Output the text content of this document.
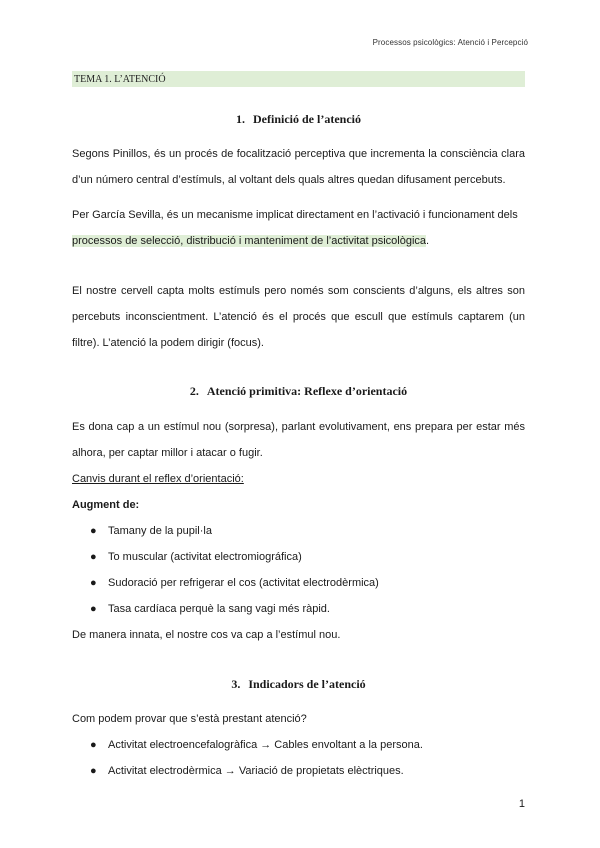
Processos psicològics: Atenció i Percepció
TEMA 1. L’ATENCIÓ
1. Definició de l’atenció
Segons Pinillos, és un procés de focalització perceptiva que incrementa la consciència clara d’un número central d’estímuls, al voltant dels quals altres quedan difusament percebuts.
Per García Sevilla, és un mecanisme implicat directament en l’activació i funcionament dels
processos de selecció, distribució i manteniment de l’activitat psicològica.
El nostre cervell capta molts estímuls pero només som conscients d’alguns, els altres son percebuts inconscientment. L’atenció és el procés que escull que estímuls captarem (un filtre). L’atenció la podem dirigir (focus).
2. Atenció primitiva: Reflexe d’orientació
Es dona cap a un estímul nou (sorpresa), parlant evolutivament, ens prepara per estar més alhora, per captar millor i atacar o fugir.
Canvis durant el reflex d’orientació:
Augment de:
● Tamany de la pupil·la
● To muscular (activitat electromiográfica)
● Sudoració per refrigerar el cos (activitat electrodèrmica)
● Tasa cardíaca perquè la sang vagi més ràpid.
De manera innata, el nostre cos va cap a l’estímul nou.
3. Indicadors de l’atenció
Com podem provar que s’està prestant atenció?
● Activitat electroencefalogràfica → Cables envoltant a la persona.
● Activitat electrodèrmica → Variació de propietats elèctriques.
1
